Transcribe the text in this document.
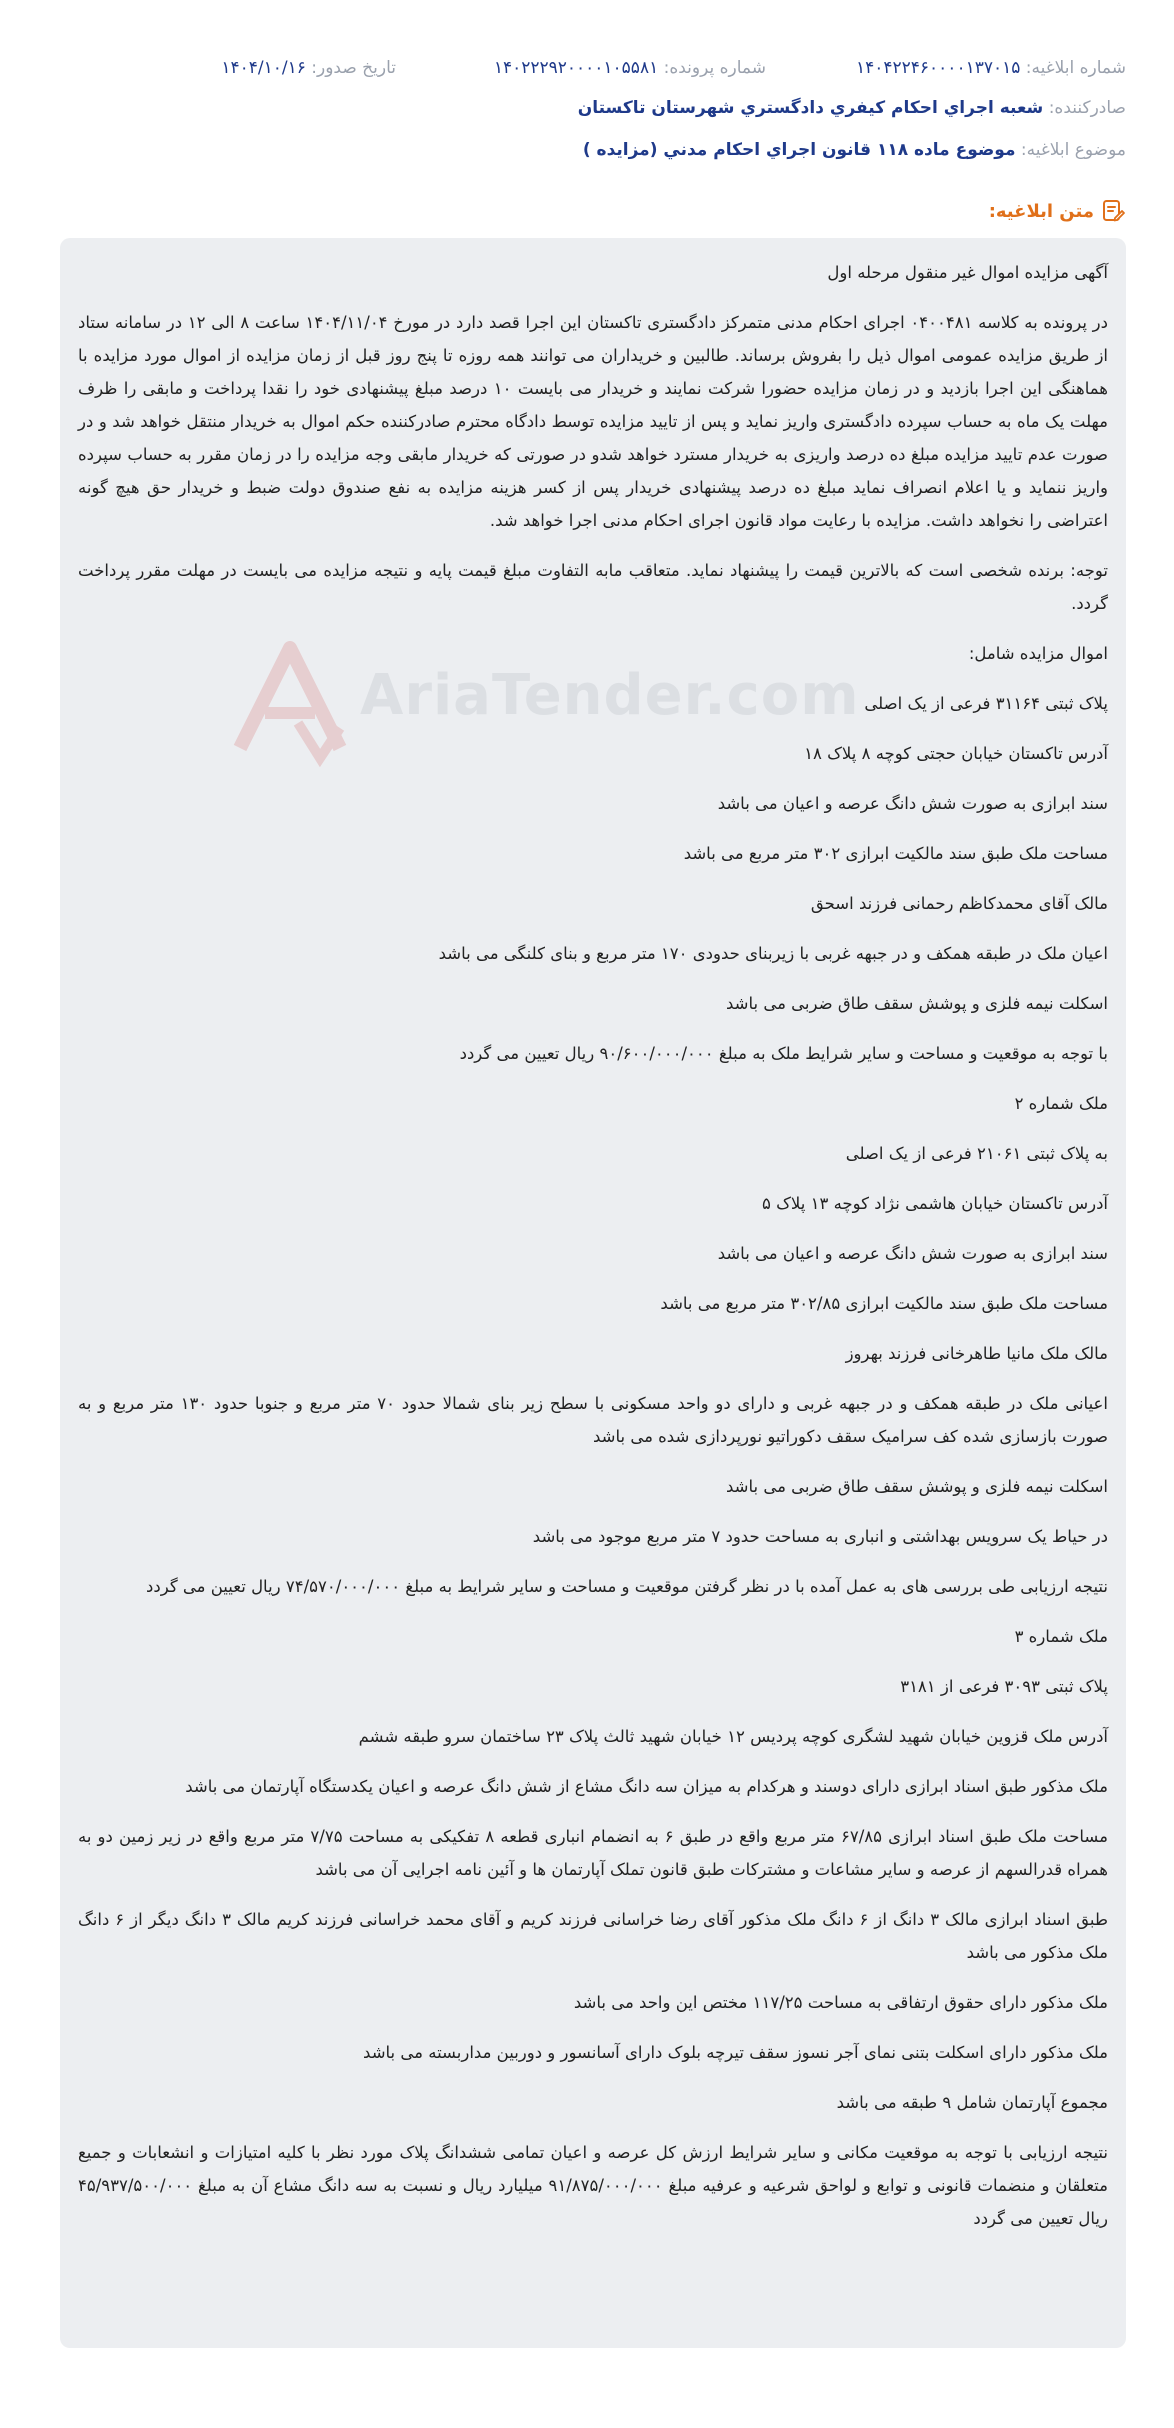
شماره ابلاغیه: ۱۴۰۴۲۲۴۶۰۰۰۰۱۳۷۰۱۵
شماره پرونده: ۱۴۰۲۲۲۹۲۰۰۰۰۱۰۵۵۸۱
تاریخ صدور: ۱۴۰۴/۱۰/۱۶
صادرکننده: شعبه اجراي احكام كيفري دادگستري شهرستان تاكستان
موضوع ابلاغیه: موضوع ماده ۱۱۸ قانون اجراي احكام مدني (مزايده )
متن ابلاغیه:
AriaTender.com

آگهی مزایده اموال غیر منقول مرحله اول

در پرونده به کلاسه ۰۴۰۰۴۸۱ اجرای احکام مدنی متمرکز دادگستری تاکستان این اجرا قصد دارد در مورخ ۱۴۰۴/۱۱/۰۴ ساعت ۸ الی ۱۲ در سامانه ستاد از طریق مزایده عمومی اموال ذیل را بفروش برساند. طالبین و خریداران می توانند همه روزه تا پنج روز قبل از زمان مزایده از اموال مورد مزایده با هماهنگی این اجرا بازدید و در زمان مزایده حضورا شرکت نمایند و خریدار می بایست ۱۰ درصد مبلغ پیشنهادی خود را نقدا پرداخت و مابقی را ظرف مهلت یک ماه به حساب سپرده دادگستری واریز نماید و پس از تایید مزایده توسط دادگاه محترم صادرکننده حکم اموال به خریدار منتقل خواهد شد و در صورت عدم تایید مزایده مبلغ ده درصد واریزی به خریدار مسترد خواهد شدو در صورتی که خریدار مابقی وجه مزایده را در زمان مقرر به حساب سپرده واریز ننماید و یا اعلام انصراف نماید مبلغ ده درصد پیشنهادی خریدار پس از کسر هزینه مزایده به نفع صندوق دولت ضبط و خریدار حق هیچ گونه اعتراضی را نخواهد داشت. مزایده با رعایت مواد قانون اجرای احکام مدنی اجرا خواهد شد.

توجه: برنده شخصی است که بالاترین قیمت را پیشنهاد نماید. متعاقب مابه التفاوت مبلغ قیمت پایه و نتیجه مزایده می بایست در مهلت مقرر پرداخت گردد.

اموال مزایده شامل:

پلاک ثبتی ۳۱۱۶۴ فرعی از یک اصلی

آدرس تاکستان خیابان حجتی کوچه ۸ پلاک ۱۸

سند ابرازی به صورت شش دانگ عرصه و اعیان می باشد

مساحت ملک طبق سند مالکیت ابرازی ۳۰۲ متر مربع می باشد

مالک آقای محمدکاظم رحمانی فرزند اسحق

اعیان ملک در طبقه همکف و در جبهه غربی با زیربنای حدودی ۱۷۰ متر مربع و بنای کلنگی می باشد

اسکلت نیمه فلزی و پوشش سقف طاق ضربی می باشد

با توجه به موقعیت و مساحت و سایر شرایط ملک به مبلغ ۹۰/۶۰۰/۰۰۰/۰۰۰ ریال تعیین می گردد

ملک شماره ۲

به پلاک ثبتی ۲۱۰۶۱ فرعی از یک اصلی

آدرس تاکستان خیابان هاشمی نژاد کوچه ۱۳ پلاک ۵

سند ابرازی به صورت شش دانگ عرصه و اعیان می باشد

مساحت ملک طبق سند مالکیت ابرازی ۳۰۲/۸۵ متر مربع می باشد

مالک ملک مانیا طاهرخانی فرزند بهروز

اعیانی ملک در طبقه همکف و در جبهه غربی و دارای دو واحد مسکونی با سطح زیر بنای شمالا حدود ۷۰ متر مربع و جنوبا حدود ۱۳۰ متر مربع و به صورت بازسازی شده کف سرامیک سقف دکوراتیو نورپردازی شده می باشد

اسکلت نیمه فلزی و پوشش سقف طاق ضربی می باشد

در حیاط یک سرویس بهداشتی و انباری به مساحت حدود ۷ متر مربع موجود می باشد

نتیجه ارزیابی طی بررسی های به عمل آمده با در نظر گرفتن موقعیت و مساحت و سایر شرایط به مبلغ ۷۴/۵۷۰/۰۰۰/۰۰۰ ریال تعیین می گردد

ملک شماره ۳

پلاک ثبتی ۳۰۹۳ فرعی از ۳۱۸۱

آدرس ملک قزوین خیابان شهید لشگری کوچه پردیس ۱۲ خیابان شهید ثالث پلاک ۲۳ ساختمان سرو طبقه ششم

ملک مذکور طبق اسناد ابرازی دارای دوسند و هرکدام به میزان سه دانگ مشاع از شش دانگ عرصه و اعیان یکدستگاه آپارتمان می باشد

مساحت ملک طبق اسناد ابرازی ۶۷/۸۵ متر مربع واقع در طبق ۶ به انضمام انباری قطعه ۸ تفکیکی به مساحت ۷/۷۵ متر مربع واقع در زیر زمین دو به همراه قدرالسهم از عرصه و سایر مشاعات و مشترکات طبق قانون تملک آپارتمان ها و آئین نامه اجرایی آن می باشد

طبق اسناد ابرازی مالک ۳ دانگ از ۶ دانگ ملک مذکور آقای رضا خراسانی فرزند کریم و آقای محمد خراسانی فرزند کریم مالک ۳ دانگ دیگر از ۶ دانگ ملک مذکور می باشد

ملک مذکور دارای حقوق ارتفاقی به مساحت ۱۱۷/۲۵ مختص این واحد می باشد

ملک مذکور دارای اسکلت بتنی نمای آجر نسوز سقف تیرچه بلوک دارای آسانسور و دوربین مداربسته می باشد

مجموع آپارتمان شامل ۹ طبقه می باشد

نتیجه ارزیابی با توجه به موقعیت مکانی و سایر شرایط ارزش کل عرصه و اعیان تمامی ششدانگ پلاک مورد نظر با کلیه امتیازات و انشعابات و جمیع متعلقان و منضمات قانونی و توابع و لواحق شرعیه و عرفیه مبلغ ۹۱/۸۷۵/۰۰۰/۰۰۰ میلیارد ریال و نسبت به سه دانگ مشاع آن به مبلغ ۴۵/۹۳۷/۵۰۰/۰۰۰ ریال تعیین می گردد
